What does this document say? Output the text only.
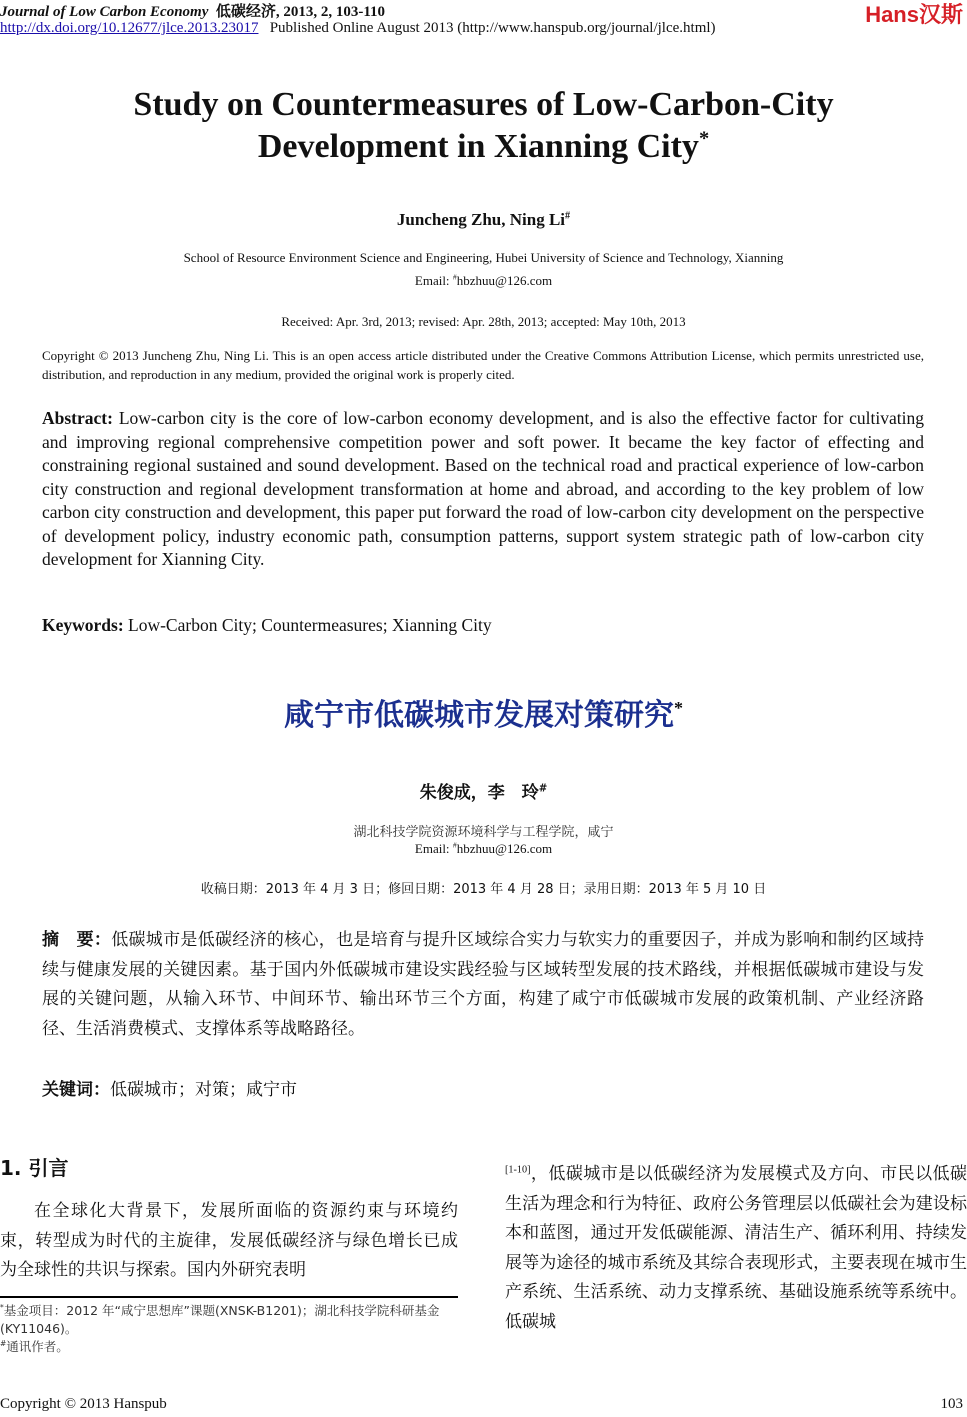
Journal of Low Carbon Economy 低碳经济, 2013, 2, 103-110
http://dx.doi.org/10.12677/jlce.2013.23017 Published Online August 2013 (http://www.hanspub.org/journal/jlce.html)
Hans汉斯
Study on Countermeasures of Low-Carbon-City
Development in Xianning City*
Juncheng Zhu, Ning Li#
School of Resource Environment Science and Engineering, Hubei University of Science and Technology, Xianning
Email: #hbzhuu@126.com
Received: Apr. 3rd, 2013; revised: Apr. 28th, 2013; accepted: May 10th, 2013
Copyright © 2013 Juncheng Zhu, Ning Li. This is an open access article distributed under the Creative Commons Attribution License, which permits unrestricted use, distribution, and reproduction in any medium, provided the original work is properly cited.
Abstract: Low-carbon city is the core of low-carbon economy development, and is also the effective factor for cultivating and improving regional comprehensive competition power and soft power. It became the key factor of effecting and constraining regional sustained and sound development. Based on the technical road and practical experience of low-carbon city construction and regional development transformation at home and abroad, and according to the key problem of low carbon city construction and development, this paper put forward the road of low-carbon city development on the perspective of development policy, industry economic path, consumption patterns, support system strategic path of low-carbon city development for Xianning City.
Keywords: Low-Carbon City; Countermeasures; Xianning City
咸宁市低碳城市发展对策研究*
朱俊成，李　玲#
湖北科技学院资源环境科学与工程学院，咸宁
Email: #hbzhuu@126.com
收稿日期：2013 年 4 月 3 日；修回日期：2013 年 4 月 28 日；录用日期：2013 年 5 月 10 日
摘　要：低碳城市是低碳经济的核心，也是培育与提升区域综合实力与软实力的重要因子，并成为影响和制约区域持续与健康发展的关键因素。基于国内外低碳城市建设实践经验与区域转型发展的技术路线，并根据低碳城市建设与发展的关键问题，从输入环节、中间环节、输出环节三个方面，构建了咸宁市低碳城市发展的政策机制、产业经济路径、生活消费模式、支撑体系等战略路径。
关键词：低碳城市；对策；咸宁市
1. 引言
在全球化大背景下，发展所面临的资源约束与环境约束，转型成为时代的主旋律，发展低碳经济与绿色增长已成为全球性的共识与探索。国内外研究表明
*基金项目：2012 年“咸宁思想库”课题(XNSK-B1201)；湖北科技学院科研基金(KY11046)。
#通讯作者。
[1-10]，低碳城市是以低碳经济为发展模式及方向、市民以低碳生活为理念和行为特征、政府公务管理层以低碳社会为建设标本和蓝图，通过开发低碳能源、清洁生产、循环利用、持续发展等为途径的城市系统及其综合表现形式，主要表现在城市生产系统、生活系统、动力支撑系统、基础设施系统等系统中。低碳城
Copyright © 2013 Hanspub	103
